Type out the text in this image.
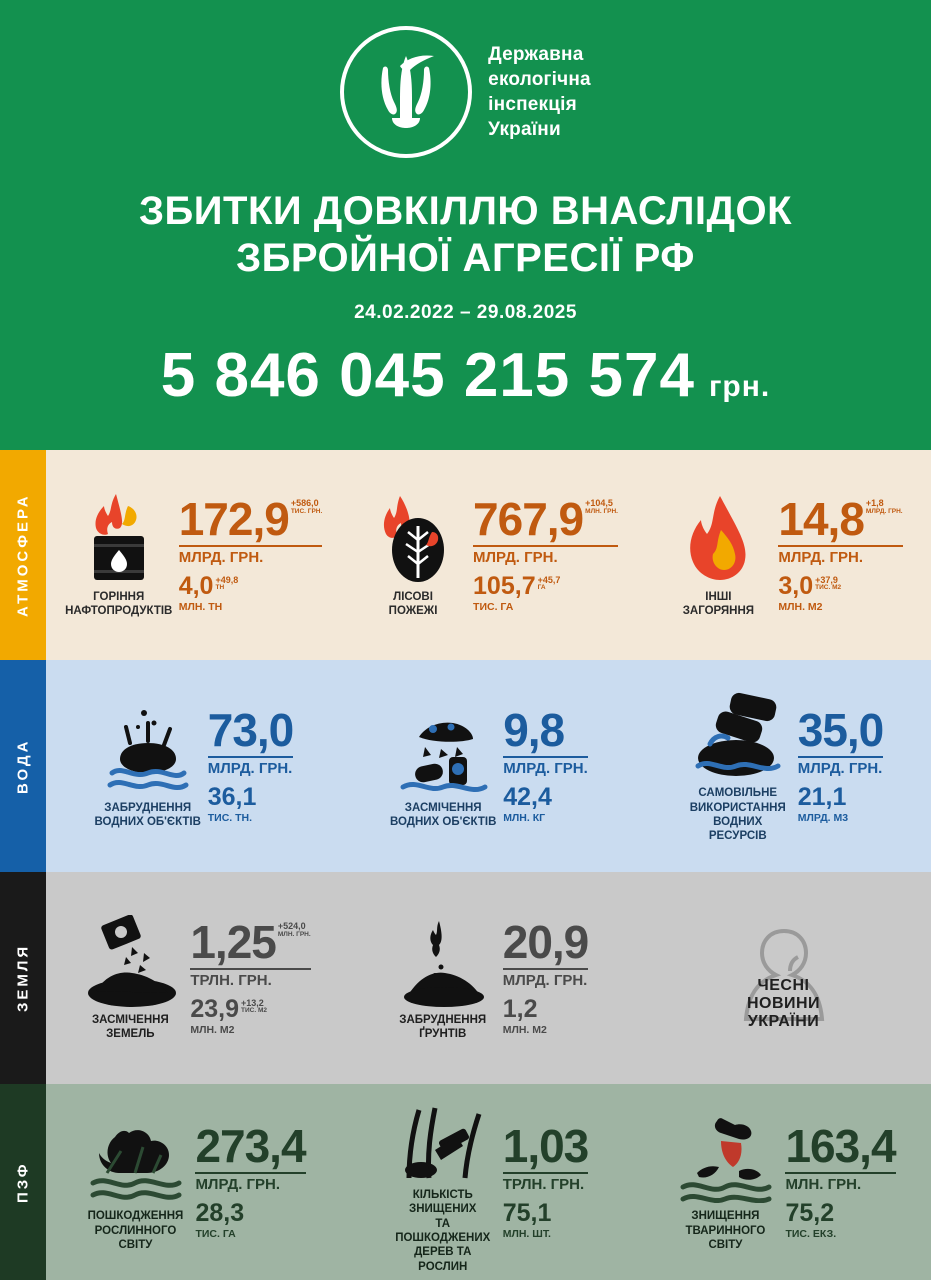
Державна
екологічна
інспекція
України
ЗБИТКИ ДОВКІЛЛЮ ВНАСЛІДОК
ЗБРОЙНОЇ АГРЕСІЇ РФ
24.02.2022 – 29.08.2025
5 846 045 215 574 грн.
АТМОСФЕРА	ГОРІННЯ
НАФТОПРОДУКТІВ
172,9 +586,0
ТИС. ГРН.
МЛРД. ГРН.
4,0 +49,8
ТН
МЛН. ТН
ЛІСОВІ
ПОЖЕЖІ
767,9 +104,5
МЛН. ГРН.
МЛРД. ГРН.
105,7 +45,7
ГА
ТИС. ГА
ІНШІ
ЗАГОРЯННЯ
14,8 +1,8
МЛРД. ГРН.
МЛРД. ГРН.
3,0 +37,9
ТИС. М2
МЛН. М2
ВОДА
ЗАБРУДНЕННЯ
ВОДНИХ ОБ'ЄКТІВ
73,0
МЛРД. ГРН.
36,1
ТИС. ТН.
ЗАСМІЧЕННЯ
ВОДНИХ ОБ'ЄКТІВ
9,8
МЛРД. ГРН.
42,4
МЛН. КГ
САМОВІЛЬНЕ
ВИКОРИСТАННЯ
ВОДНИХ РЕСУРСІВ
35,0
МЛРД. ГРН.
21,1
МЛРД. М3
ЗЕМЛЯ
ЗАСМІЧЕННЯ
ЗЕМЕЛЬ
1,25 +524,0
МЛН. ГРН.
ТРЛН. ГРН.
23,9 +13,2
ТИС. М2
МЛН. М2
ЗАБРУДНЕННЯ
ҐРУНТІВ
20,9
МЛРД. ГРН.
1,2
МЛН. М2
ЧЕСНІ
НОВИНИ
УКРАЇНИ
ПЗФ
ПОШКОДЖЕННЯ
РОСЛИННОГО СВІТУ
273,4
МЛРД. ГРН.
28,3
ТИС. ГА
КІЛЬКІСТЬ ЗНИЩЕНИХ
ТА ПОШКОДЖЕНИХ
ДЕРЕВ ТА РОСЛИН
1,03
ТРЛН. ГРН.
75,1
МЛН. ШТ.
ЗНИЩЕННЯ
ТВАРИННОГО СВІТУ
163,4
МЛН. ГРН.
75,2
ТИС. ЕКЗ.
